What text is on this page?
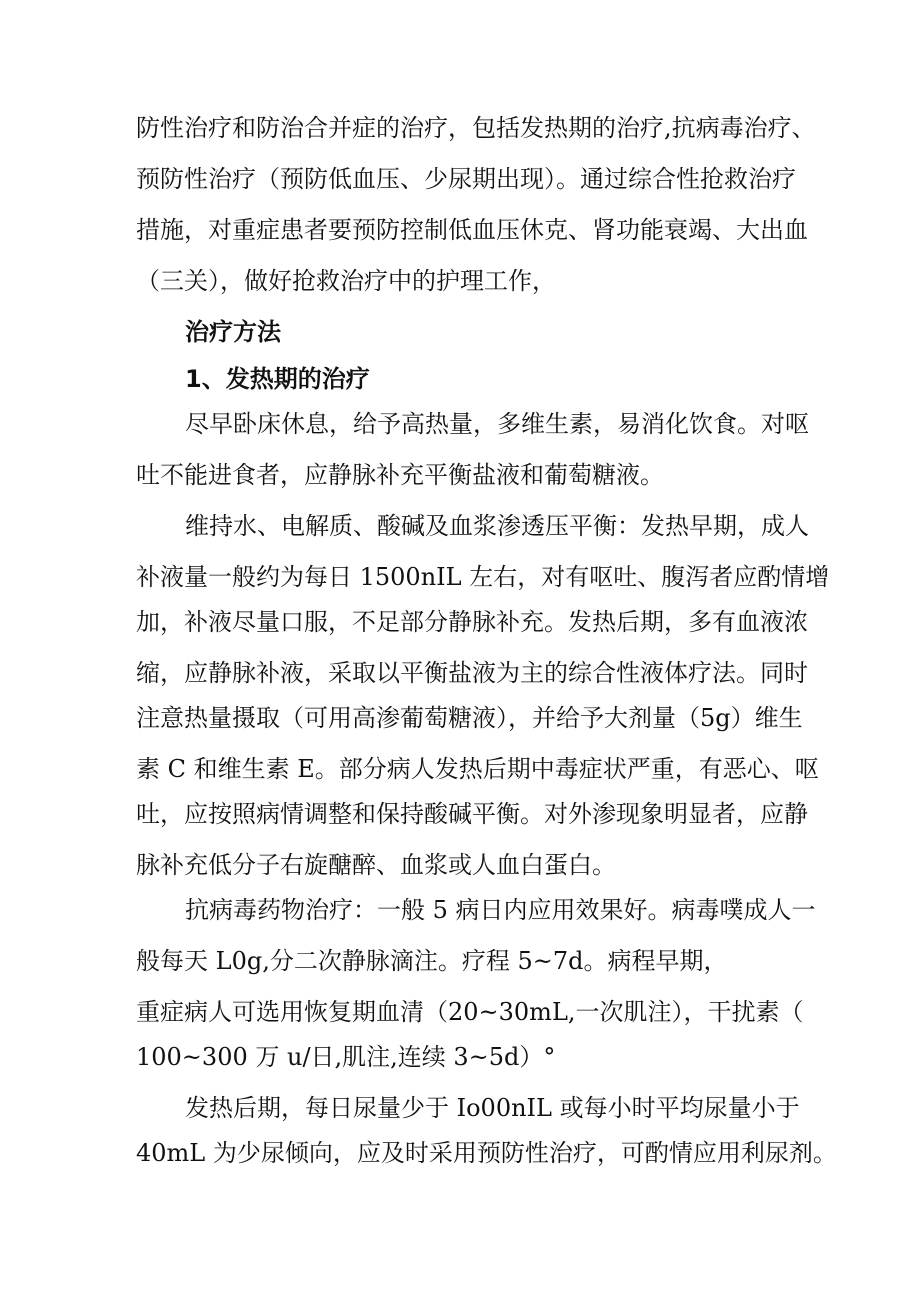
防性治疗和防治合并症的治疗，包括发热期的治疗,抗病毒治疗、
预防性治疗（预防低血压、少尿期出现）。通过综合性抢救治疗
措施，对重症患者要预防控制低血压休克、肾功能衰竭、大出血
（三关），做好抢救治疗中的护理工作，
治疗方法
1、发热期的治疗
尽早卧床休息，给予高热量，多维生素，易消化饮食。对呕
吐不能进食者，应静脉补充平衡盐液和葡萄糖液。
维持水、电解质、酸碱及血浆渗透压平衡：发热早期，成人
补液量一般约为每日 1500nIL 左右，对有呕吐、腹泻者应酌情增
加，补液尽量口服，不足部分静脉补充。发热后期，多有血液浓
缩，应静脉补液，采取以平衡盐液为主的综合性液体疗法。同时
注意热量摄取（可用高渗葡萄糖液），并给予大剂量（5g）维生
素 C 和维生素 E。部分病人发热后期中毒症状严重，有恶心、呕
吐，应按照病情调整和保持酸碱平衡。对外渗现象明显者，应静
脉补充低分子右旋醣醉、血浆或人血白蛋白。
抗病毒药物治疗：一般 5 病日内应用效果好。病毒噗成人一
般每天 L0g,分二次静脉滴注。疗程 5~7d。病程早期，
重症病人可选用恢复期血清（20~30mL,一次肌注），干扰素（
100~300 万 u/日,肌注,连续 3~5d）°
发热后期，每日尿量少于 Io00nIL 或每小时平均尿量小于
40mL 为少尿倾向，应及时采用预防性治疗，可酌情应用利尿剂。
